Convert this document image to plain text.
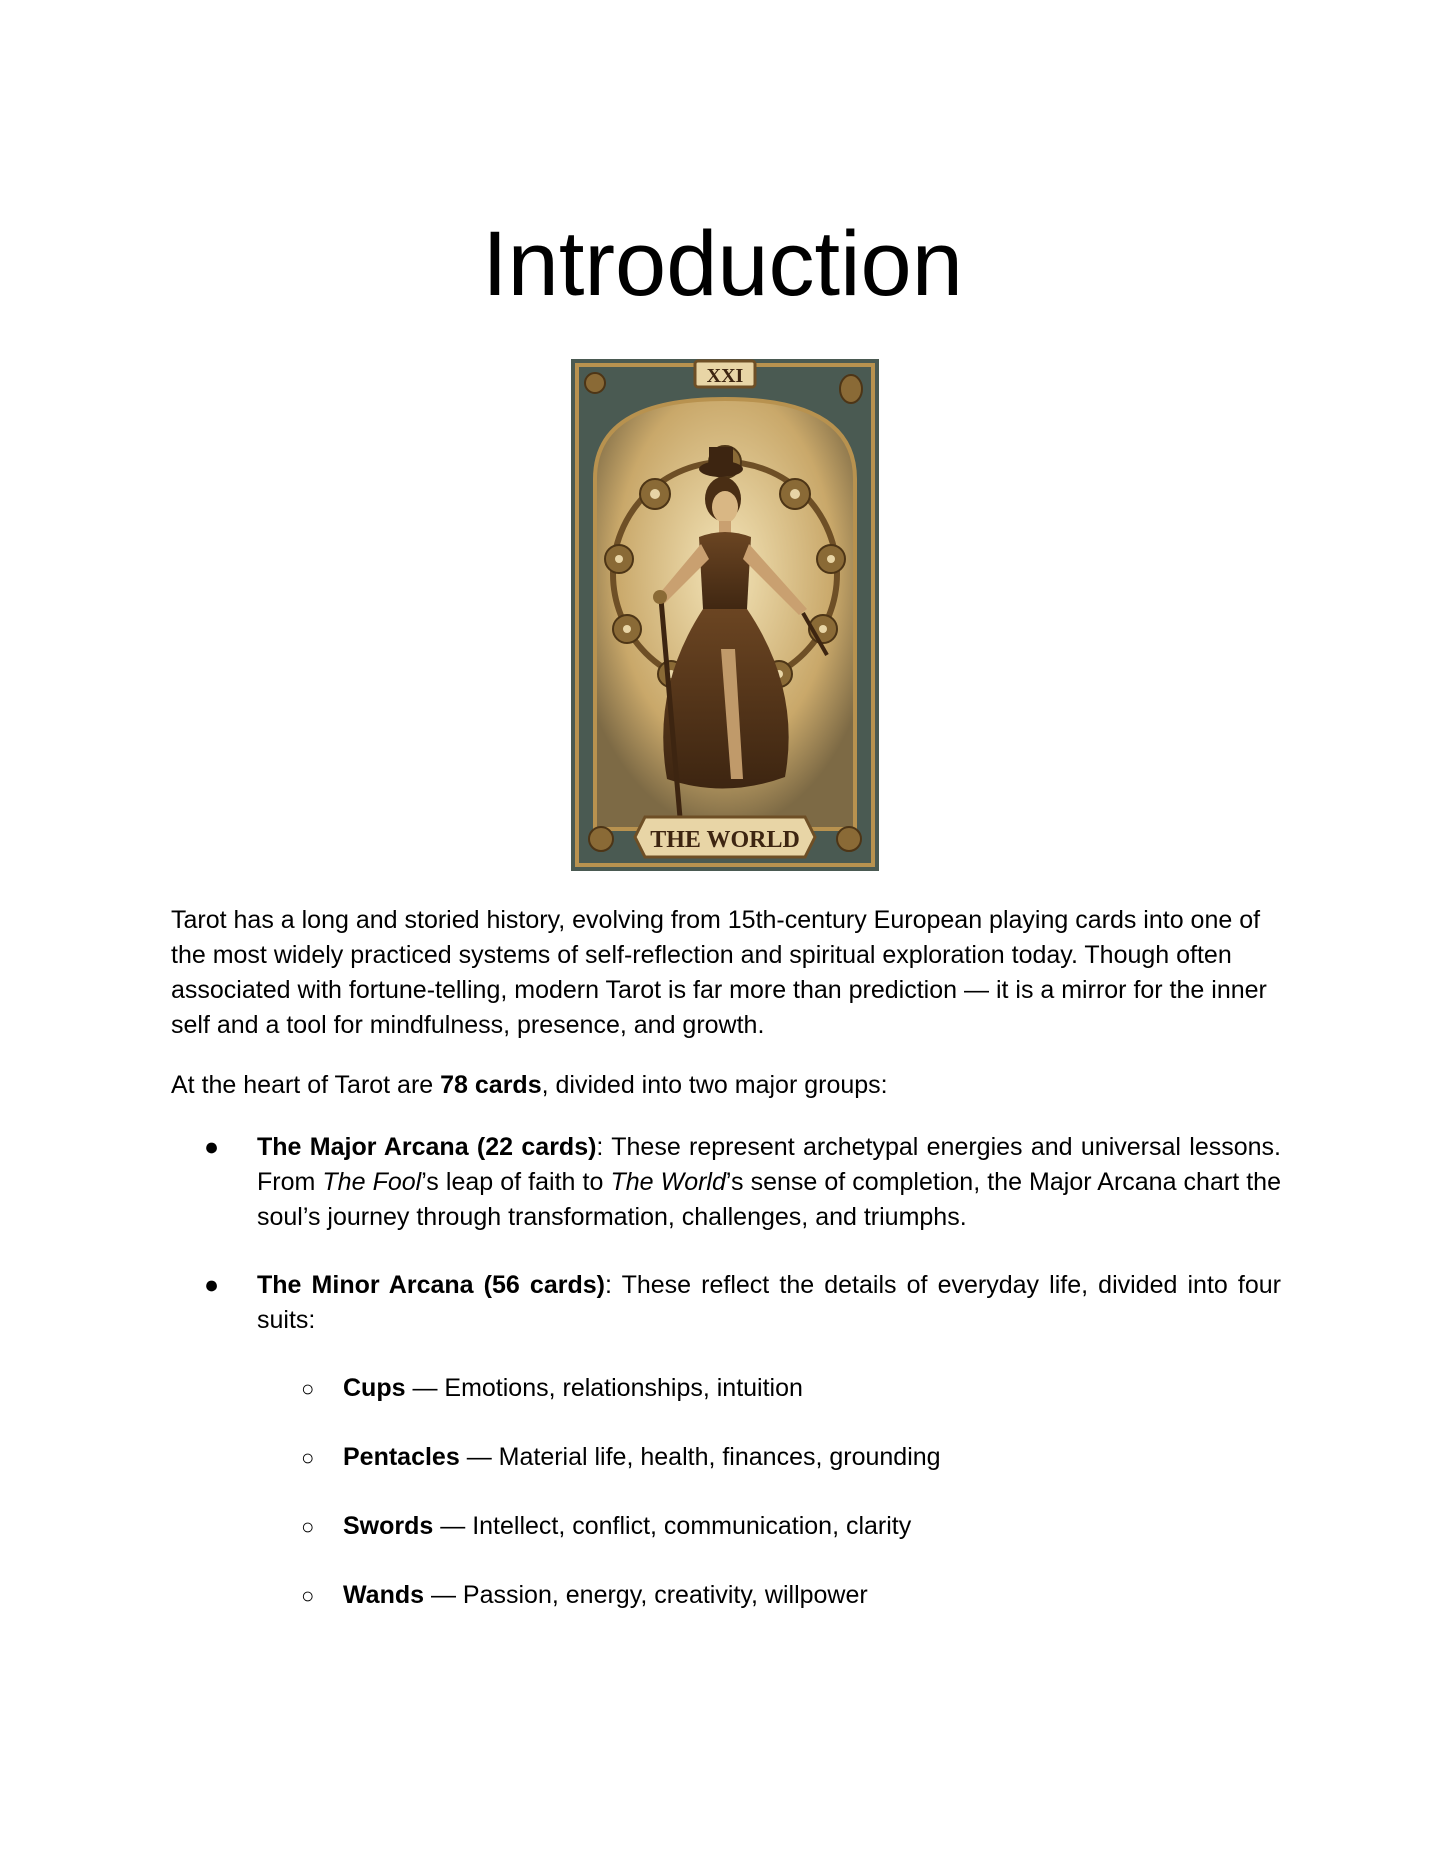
Introduction
XXI
THE WORLD

Tarot has a long and storied history, evolving from 15th-century European playing cards into one of the most widely practiced systems of self-reflection and spiritual exploration today. Though often associated with fortune-telling, modern Tarot is far more than prediction — it is a mirror for the inner self and a tool for mindfulness, presence, and growth.

At the heart of Tarot are 78 cards, divided into two major groups:

● The Major Arcana (22 cards): These represent archetypal energies and universal lessons. From The Fool’s leap of faith to The World’s sense of completion, the Major Arcana chart the soul’s journey through transformation, challenges, and triumphs.
● The Minor Arcana (56 cards): These reflect the details of everyday life, divided into four suits:
○ Cups — Emotions, relationships, intuition
○ Pentacles — Material life, health, finances, grounding
○ Swords — Intellect, conflict, communication, clarity
○ Wands — Passion, energy, creativity, willpower
